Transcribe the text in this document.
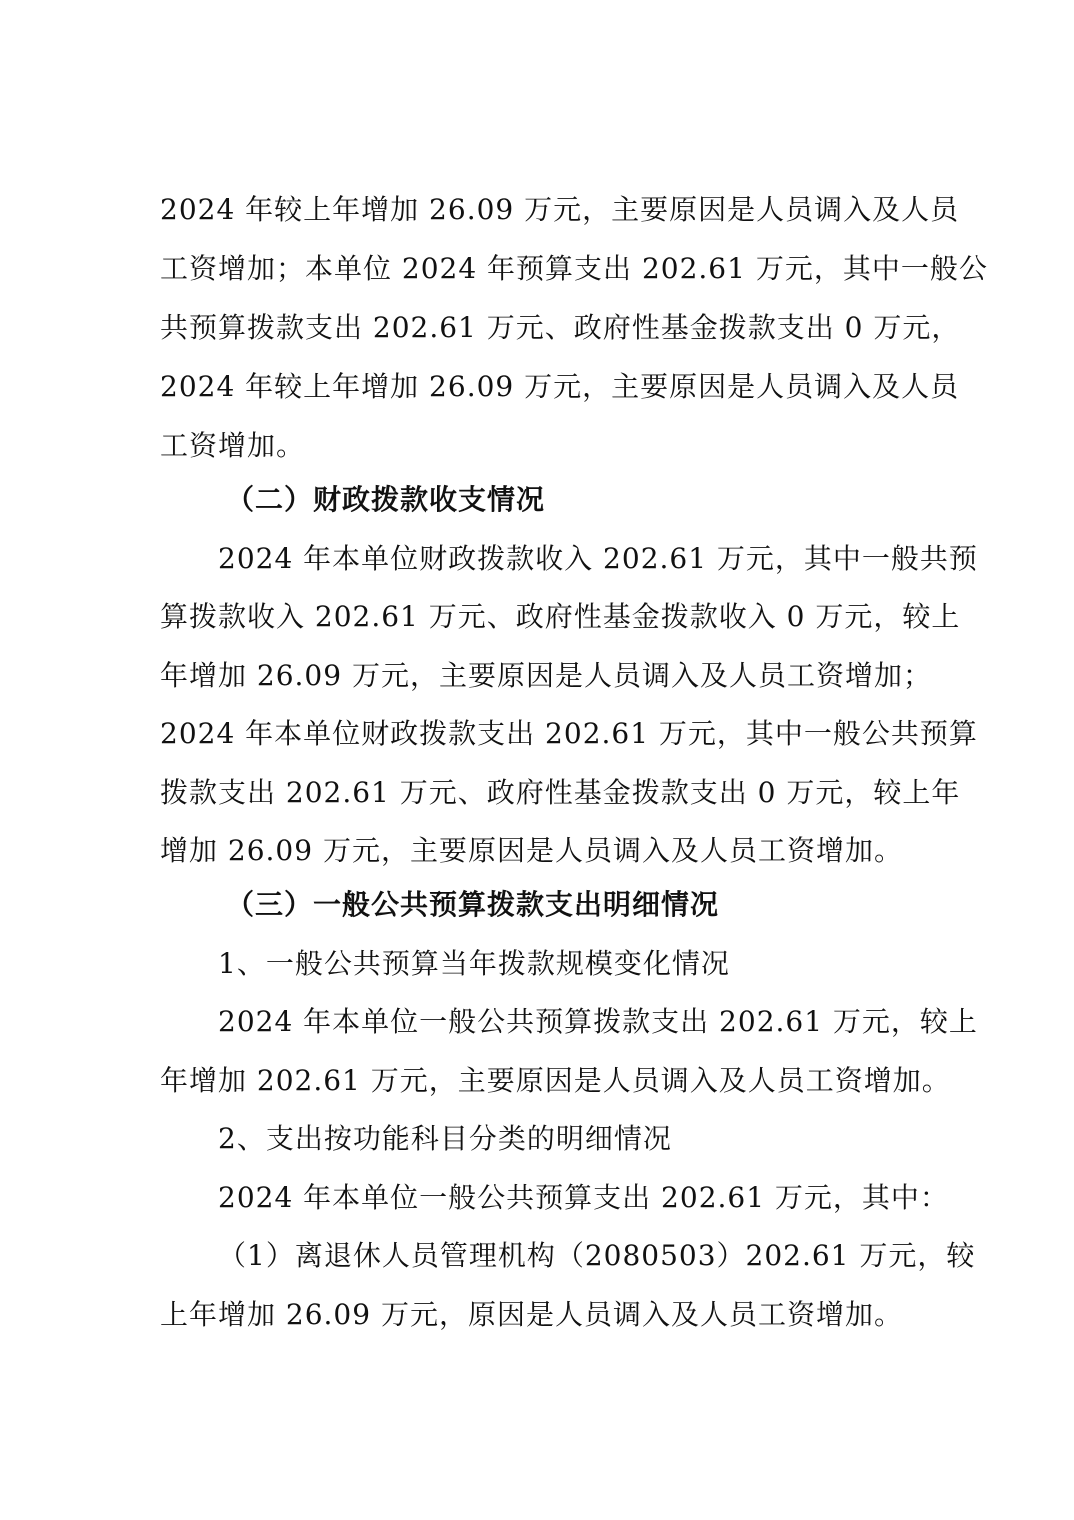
2024 年较上年增加 26.09 万元，主要原因是人员调入及人员
工资增加；本单位 2024 年预算支出 202.61 万元，其中一般公
共预算拨款支出 202.61 万元、政府性基金拨款支出 0 万元，
2024 年较上年增加 26.09 万元，主要原因是人员调入及人员
工资增加。
（二）财政拨款收支情况
2024 年本单位财政拨款收入 202.61 万元，其中一般共预
算拨款收入 202.61 万元、政府性基金拨款收入 0 万元，较上
年增加 26.09 万元，主要原因是人员调入及人员工资增加；
2024 年本单位财政拨款支出 202.61 万元，其中一般公共预算
拨款支出 202.61 万元、政府性基金拨款支出 0 万元，较上年
增加 26.09 万元，主要原因是人员调入及人员工资增加。
（三）一般公共预算拨款支出明细情况
1、一般公共预算当年拨款规模变化情况
2024 年本单位一般公共预算拨款支出 202.61 万元，较上
年增加 202.61 万元，主要原因是人员调入及人员工资增加。
2、支出按功能科目分类的明细情况
2024 年本单位一般公共预算支出 202.61 万元，其中：
（1）离退休人员管理机构（2080503）202.61 万元，较
上年增加 26.09 万元，原因是人员调入及人员工资增加。
